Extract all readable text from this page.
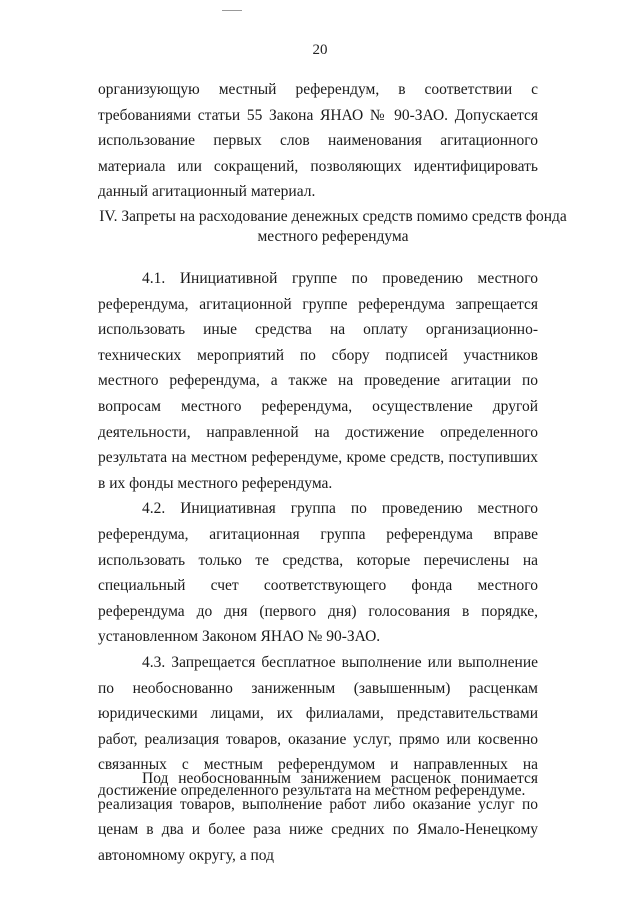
20

организующую местный референдум, в соответствии с требованиями статьи 55 Закона ЯНАО № 90-ЗАО. Допускается использование первых слов наименования агитационного материала или сокращений, позволяющих идентифицировать данный агитационный материал.

IV. Запреты на расходование денежных средств помимо средств фонда
местного референдума

4.1. Инициативной группе по проведению местного референдума, агитационной группе референдума запрещается использовать иные средства на оплату организационно-технических мероприятий по сбору подписей участников местного референдума, а также на проведение агитации по вопросам местного референдума, осуществление другой деятельности, направленной на достижение определенного результата на местном референдуме, кроме средств, поступивших в их фонды местного референдума.

4.2. Инициативная группа по проведению местного референдума, агитационная группа референдума вправе использовать только те средства, которые перечислены на специальный счет соответствующего фонда местного референдума до дня (первого дня) голосования в порядке, установленном Законом ЯНАО № 90-ЗАО.

4.3. Запрещается бесплатное выполнение или выполнение по необоснованно заниженным (завышенным) расценкам юридическими лицами, их филиалами, представительствами работ, реализация товаров, оказание услуг, прямо или косвенно связанных с местным референдумом и направленных на достижение определенного результата на местном референдуме.

Под необоснованным занижением расценок понимается реализация товаров, выполнение работ либо оказание услуг по ценам в два и более раза ниже средних по Ямало-Ненецкому автономному округу, а под
